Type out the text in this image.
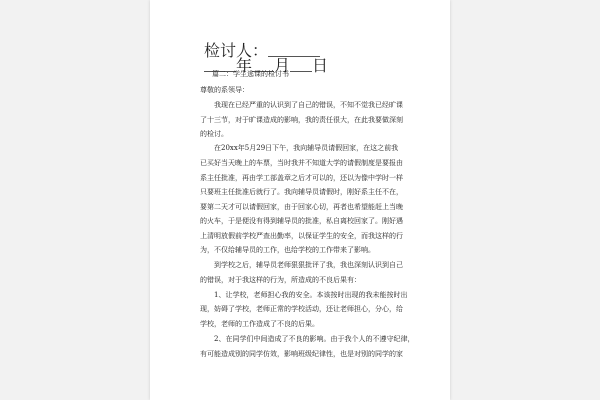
检讨人：
年 月 日
篇二：学生逃课的检讨书
尊敬的系领导：
我现在已经严重的认识到了自己的错误，不知不觉我已经旷课
了十三节，对于旷课造成的影响，我的责任很大，在此我要做深刻
的检讨。
在20xx年5月29日下午，我向辅导员请假回家，在这之前我
已买好当天晚上的车票，当时我并不知道大学的请假制度是要报由
系主任批准，再由学工部盖章之后才可以的，还以为像中学时一样
只要班主任批准后就行了。我向辅导员请假时，刚好系主任不在，
要第二天才可以请假回家，由于回家心切，再者也希望能赶上当晚
的火车，于是便没有得到辅导员的批准，私自离校回家了。刚好遇
上清明放假前学校严查出勤率，以保证学生的安全，而我这样的行
为，不仅给辅导员的工作，也给学校的工作带来了影响。
到学校之后，辅导员老师狠狠批评了我，我也深刻认识到自己
的错误，对于我这样的行为，所造成的不良后果有：
1、让学校，老师担心我的安全。本该按时出现的我未能按时出
现，妨碍了学校，老师正常的学校活动，还让老师担心，分心，给
学校，老师的工作造成了不良的后果。
2、在同学们中间造成了不良的影响。由于我个人的不遵守纪律，
有可能造成别的同学仿效，影响班级纪律性，也是对别的同学的家
